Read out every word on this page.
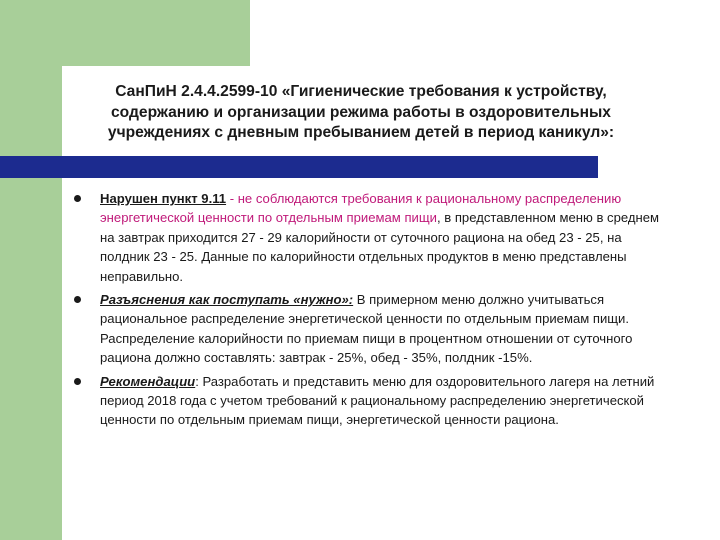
СанПиН 2.4.4.2599-10 «Гигиенические требования к устройству, содержанию и организации режима работы в оздоровительных учреждениях с дневным пребыванием детей в период каникул»:
Нарушен пункт 9.11 - не соблюдаются требования к рациональному распределению энергетической ценности по отдельным приемам пищи, в представленном меню в среднем на завтрак приходится 27 - 29 калорийности от суточного рациона на обед 23 - 25, на полдник 23 - 25. Данные по калорийности отдельных продуктов в меню представлены неправильно.
Разъяснения как поступать «нужно»: В примерном меню должно учитываться рациональное распределение энергетической ценности по отдельным приемам пищи. Распределение калорийности по приемам пищи в процентном отношении от суточного рациона должно составлять: завтрак - 25%, обед - 35%, полдник -15%.
Рекомендации: Разработать и представить меню для оздоровительного лагеря на летний период 2018 года с учетом требований к рациональному распределению энергетической ценности по отдельным приемам пищи, энергетической ценности рациона.
